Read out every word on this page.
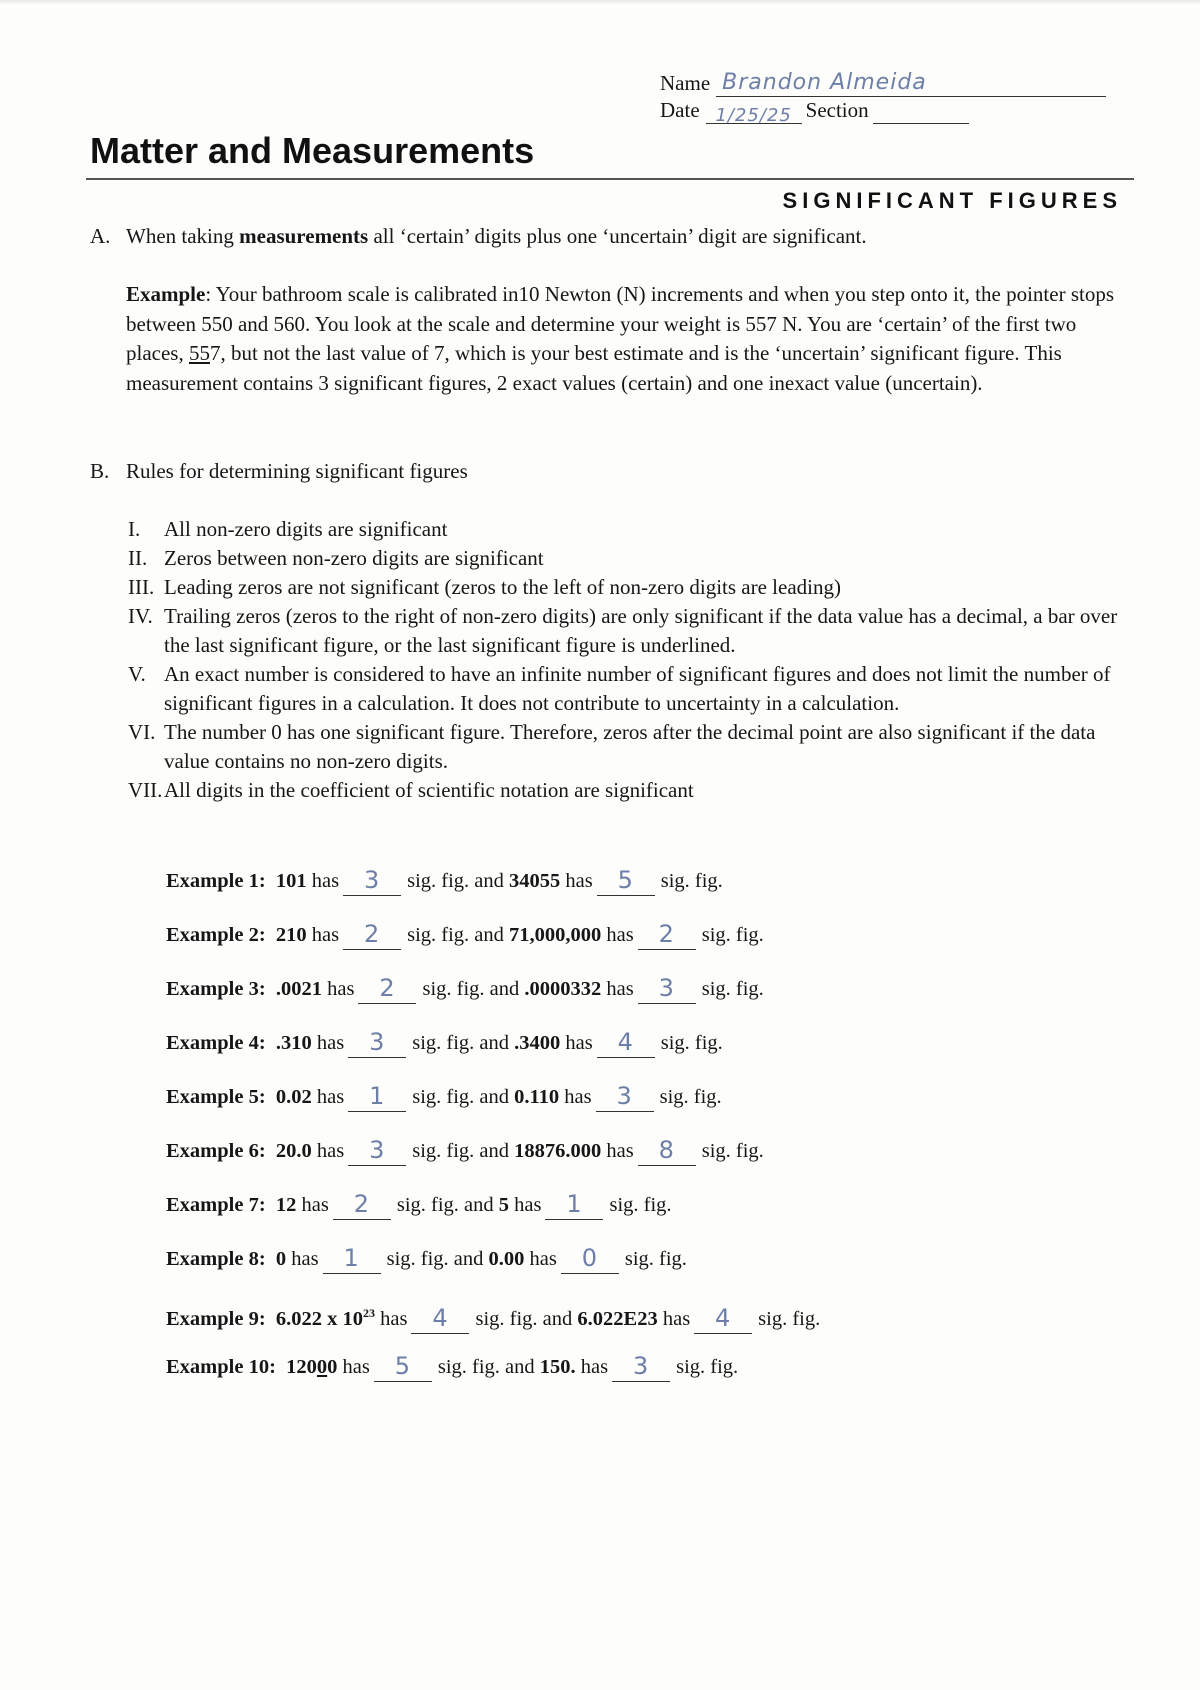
Name Brandon Almeida
Date 1/25/25 Section
Matter and Measurements
SIGNIFICANT FIGURES
A. When taking measurements all ‘certain’ digits plus one ‘uncertain’ digit are significant.
Example: Your bathroom scale is calibrated in10 Newton (N) increments and when you step onto it, the pointer stops between 550 and 560. You look at the scale and determine your weight is 557 N. You are ‘certain’ of the first two places, 557, but not the last value of 7, which is your best estimate and is the ‘uncertain’ significant figure. This measurement contains 3 significant figures, 2 exact values (certain) and one inexact value (uncertain).
B. Rules for determining significant figures
I.	All non-zero digits are significant
II. Zeros between non-zero digits are significant
III. Leading zeros are not significant (zeros to the left of non-zero digits are leading)
IV. Trailing zeros (zeros to the right of non-zero digits) are only significant if the data value has a decimal, a bar over the last significant figure, or the last significant figure is underlined.
V. An exact number is considered to have an infinite number of significant figures and does not limit the number of significant figures in a calculation. It does not contribute to uncertainty in a calculation.
VI. The number 0 has one significant figure. Therefore, zeros after the decimal point are also significant if the data value contains no non-zero digits.
VII. All digits in the coefficient of scientific notation are significant
Example 1: 101 has 3 sig. fig. and 34055 has 5 sig. fig.
Example 2: 210 has 2 sig. fig. and 71,000,000 has 2 sig. fig.
Example 3: .0021 has 2 sig. fig. and .0000332 has 3 sig. fig.
Example 4: .310 has 3 sig. fig. and .3400 has 4 sig. fig.
Example 5: 0.02 has 1 sig. fig. and 0.110 has 3 sig. fig.
Example 6: 20.0 has 3 sig. fig. and 18876.000 has 8 sig. fig.
Example 7: 12 has 2 sig. fig. and 5 has 1 sig. fig.
Example 8: 0 has 1 sig. fig. and 0.00 has 0 sig. fig.
Example 9: 6.022 x $10^{23}$ has 4 sig. fig. and 6.022E23 has 4 sig. fig.
Example 10: 12000 has 5 sig. fig. and 150. has 3 sig. fig.
